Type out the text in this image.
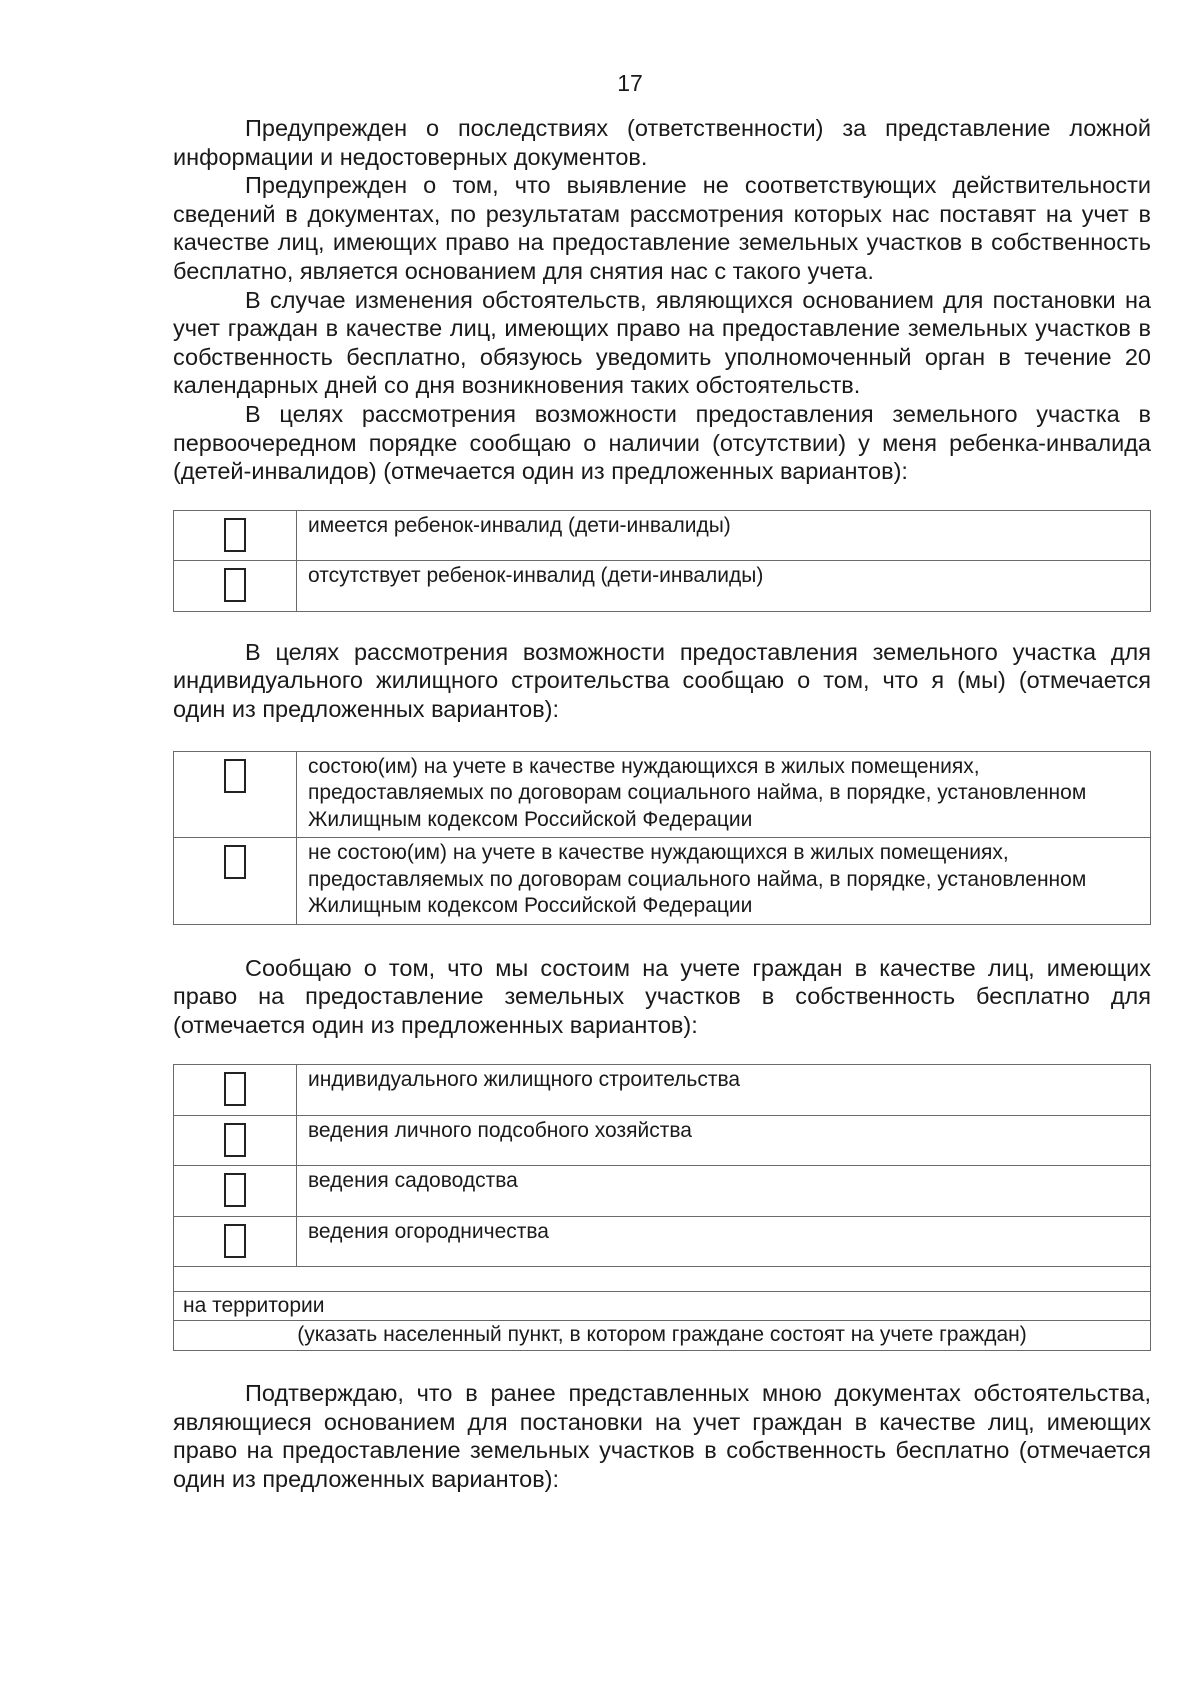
17

Предупрежден о последствиях (ответственности) за представление ложной информации и недостоверных документов.

Предупрежден о том, что выявление не соответствующих действительности сведений в документах, по результатам рассмотрения которых нас поставят на учет в качестве лиц, имеющих право на предоставление земельных участков в собственность бесплатно, является основанием для снятия нас с такого учета.

В случае изменения обстоятельств, являющихся основанием для постановки на учет граждан в качестве лиц, имеющих право на предоставление земельных участков в собственность бесплатно, обязуюсь уведомить уполномоченный орган в течение 20 календарных дней со дня возникновения таких обстоятельств.

В целях рассмотрения возможности предоставления земельного участка в первоочередном порядке сообщаю о наличии (отсутствии) у меня ребенка-инвалида (детей-инвалидов) (отмечается один из предложенных вариантов):

	имеется ребенок-инвалид (дети-инвалиды)
	отсутствует ребенок-инвалид (дети-инвалиды)

В целях рассмотрения возможности предоставления земельного участка для индивидуального жилищного строительства сообщаю о том, что я (мы) (отмечается один из предложенных вариантов):

	состою(им) на учете в качестве нуждающихся в жилых помещениях, предоставляемых по договорам социального найма, в порядке, установленном Жилищным кодексом Российской Федерации
	не состою(им) на учете в качестве нуждающихся в жилых помещениях, предоставляемых по договорам социального найма, в порядке, установленном Жилищным кодексом Российской Федерации

Сообщаю о том, что мы состоим на учете граждан в качестве лиц, имеющих право на предоставление земельных участков в собственность бесплатно для (отмечается один из предложенных вариантов):

	индивидуального жилищного строительства
	ведения личного подсобного хозяйства
	ведения садоводства
	ведения огородничества

на территории	
(указать населенный пункт, в котором граждане состоят на учете граждан)	

Подтверждаю, что в ранее представленных мною документах обстоятельства, являющиеся основанием для постановки на учет граждан в качестве лиц, имеющих право на предоставление земельных участков в собственность бесплатно (отмечается один из предложенных вариантов):
